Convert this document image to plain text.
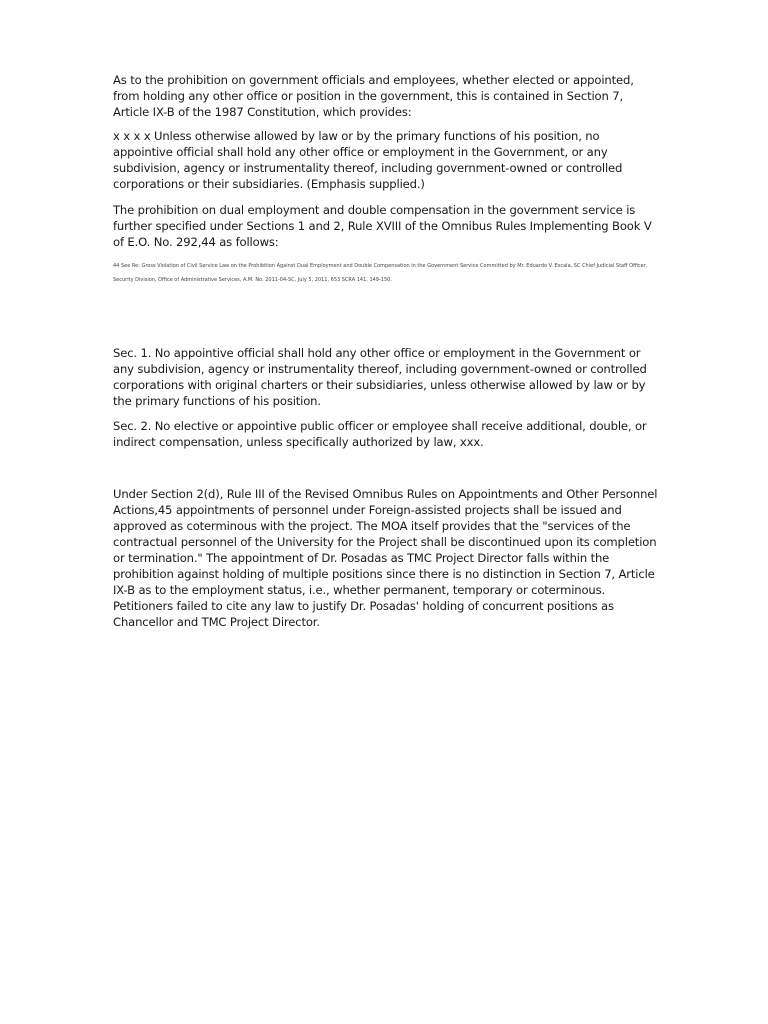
As to the prohibition on government officials and employees, whether elected or appointed, from holding any other office or position in the government, this is contained in Section 7, Article IX-B of the 1987 Constitution, which provides:

x x x x Unless otherwise allowed by law or by the primary functions of his position, no appointive official shall hold any other office or employment in the Government, or any subdivision, agency or instrumentality thereof, including government-owned or controlled corporations or their subsidiaries. (Emphasis supplied.)

The prohibition on dual employment and double compensation in the government service is further specified under Sections 1 and 2, Rule XVIII of the Omnibus Rules Implementing Book V of E.O. No. 292,44 as follows:

44 See Re: Gross Violation of Civil Service Law on the Prohibition Against Dual Employment and Double Compensation in the Government Service Committed by Mr. Eduardo V. Escala, SC Chief Judicial Staff Officer, Security Division, Office of Administrative Services, A.M. No. 2011-04-SC, July 5, 2011, 653 SCRA 141, 149-150.

Sec. 1. No appointive official shall hold any other office or employment in the Government or any subdivision, agency or instrumentality thereof, including government-owned or controlled corporations with original charters or their subsidiaries, unless otherwise allowed by law or by the primary functions of his position.

Sec. 2. No elective or appointive public officer or employee shall receive additional, double, or indirect compensation, unless specifically authorized by law, xxx.

Under Section 2(d), Rule III of the Revised Omnibus Rules on Appointments and Other Personnel Actions,45 appointments of personnel under Foreign-assisted projects shall be issued and approved as coterminous with the project. The MOA itself provides that the "services of the contractual personnel of the University for the Project shall be discontinued upon its completion or termination." The appointment of Dr. Posadas as TMC Project Director falls within the prohibition against holding of multiple positions since there is no distinction in Section 7, Article IX-B as to the employment status, i.e., whether permanent, temporary or coterminous. Petitioners failed to cite any law to justify Dr. Posadas' holding of concurrent positions as Chancellor and TMC Project Director.
